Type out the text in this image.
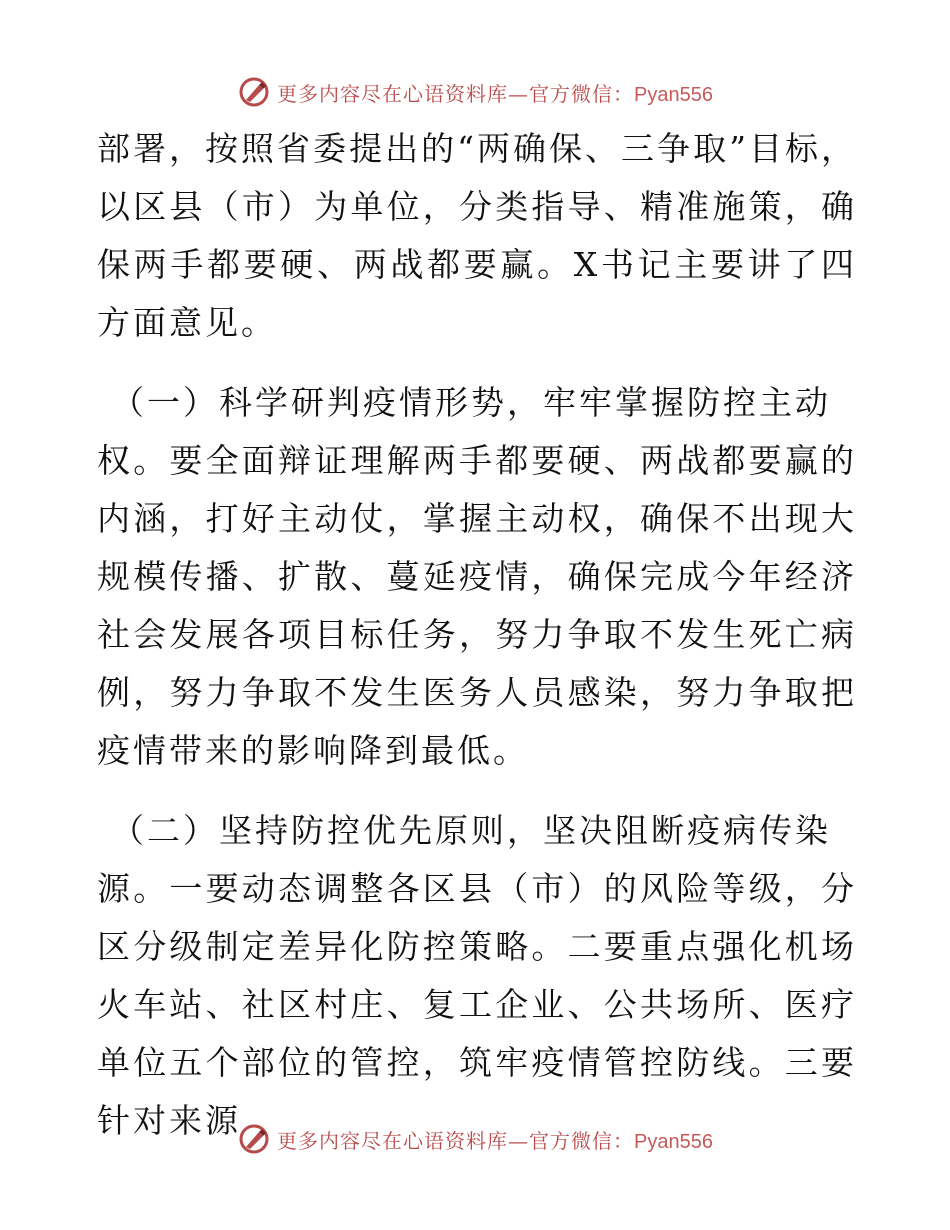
更多内容尽在心语资料库—官方微信：Pyan556

部署，按照省委提出的“两确保、三争取”目标，以区县（市）为单位，分类指导、精准施策，确保两手都要硬、两战都要赢。X书记主要讲了四方面意见。

（一）科学研判疫情形势，牢牢掌握防控主动
权。要全面辩证理解两手都要硬、两战都要赢的内涵，打好主动仗，掌握主动权，确保不出现大规模传播、扩散、蔓延疫情，确保完成今年经济社会发展各项目标任务，努力争取不发生死亡病例，努力争取不发生医务人员感染，努力争取把疫情带来的影响降到最低。

（二）坚持防控优先原则，坚决阻断疫病传染
源。一要动态调整各区县（市）的风险等级，分区分级制定差异化防控策略。二要重点强化机场火车站、社区村庄、复工企业、公共场所、医疗单位五个部位的管控，筑牢疫情管控防线。三要针对来源

更多内容尽在心语资料库—官方微信：Pyan556
